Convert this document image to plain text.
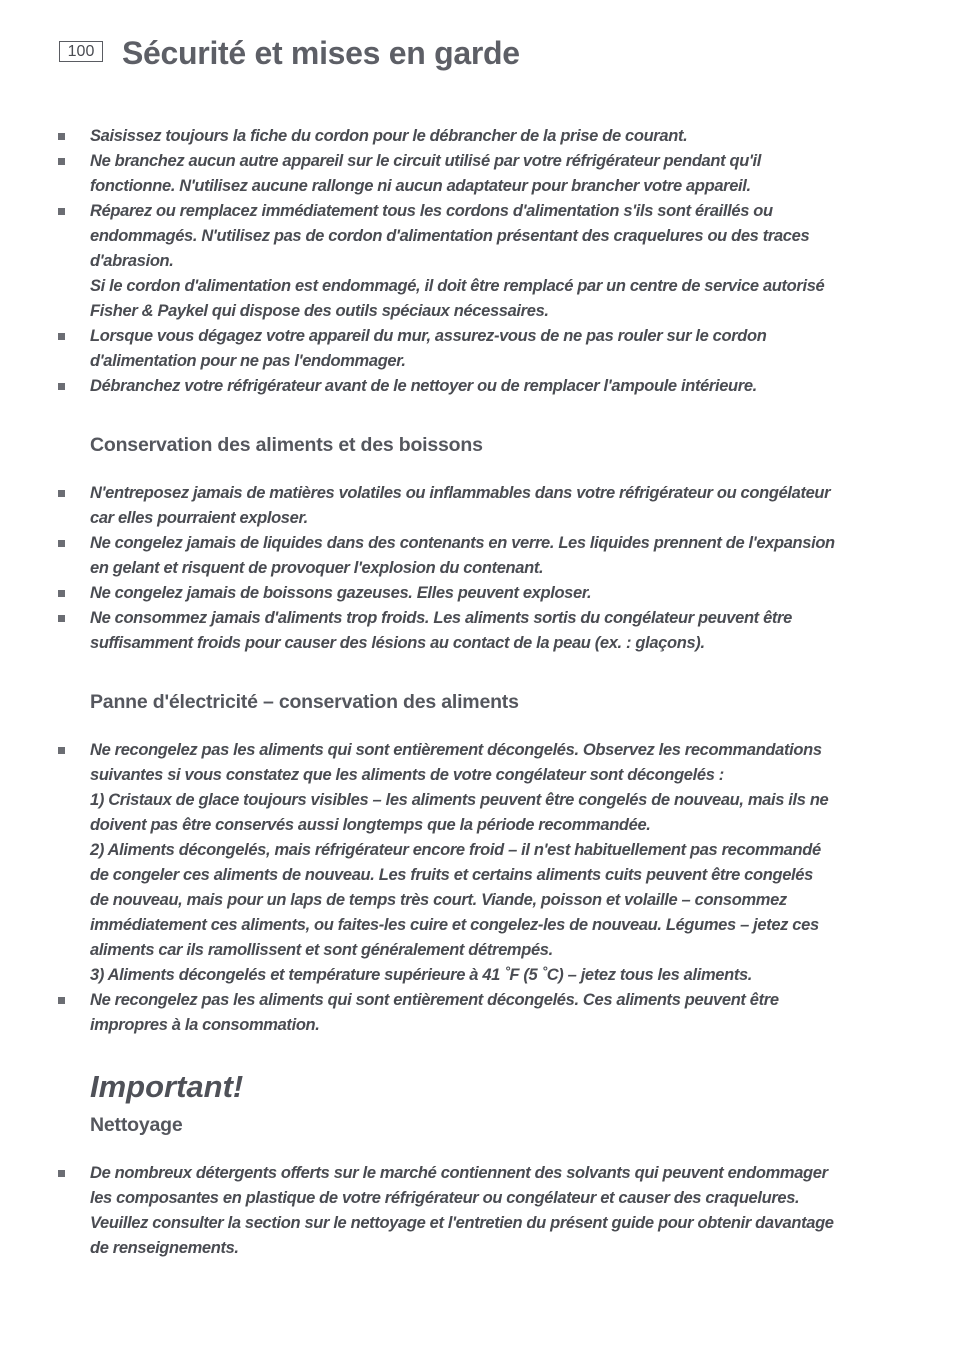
100 Sécurité et mises en garde
Saisissez toujours la fiche du cordon pour le débrancher de la prise de courant.
Ne branchez aucun autre appareil sur le circuit utilisé par votre réfrigérateur pendant qu'il
fonctionne. N'utilisez aucune rallonge ni aucun adaptateur pour brancher votre appareil.
Réparez ou remplacez immédiatement tous les cordons d'alimentation s'ils sont éraillés ou
endommagés. N'utilisez pas de cordon d'alimentation présentant des craquelures ou des traces
d'abrasion.
Si le cordon d'alimentation est endommagé, il doit être remplacé par un centre de service autorisé
Fisher & Paykel qui dispose des outils spéciaux nécessaires.
Lorsque vous dégagez votre appareil du mur, assurez-vous de ne pas rouler sur le cordon
d'alimentation pour ne pas l'endommager.
Débranchez votre réfrigérateur avant de le nettoyer ou de remplacer l'ampoule intérieure.
Conservation des aliments et des boissons
N'entreposez jamais de matières volatiles ou inflammables dans votre réfrigérateur ou congélateur
car elles pourraient exploser.
Ne congelez jamais de liquides dans des contenants en verre. Les liquides prennent de l'expansion
en gelant et risquent de provoquer l'explosion du contenant.
Ne congelez jamais de boissons gazeuses. Elles peuvent exploser.
Ne consommez jamais d'aliments trop froids. Les aliments sortis du congélateur peuvent être
suffisamment froids pour causer des lésions au contact de la peau (ex. : glaçons).
Panne d'électricité – conservation des aliments
Ne recongelez pas les aliments qui sont entièrement décongelés. Observez les recommandations
suivantes si vous constatez que les aliments de votre congélateur sont décongelés :
1) Cristaux de glace toujours visibles – les aliments peuvent être congelés de nouveau, mais ils ne
doivent pas être conservés aussi longtemps que la période recommandée.
2) Aliments décongelés, mais réfrigérateur encore froid – il n'est habituellement pas recommandé
de congeler ces aliments de nouveau. Les fruits et certains aliments cuits peuvent être congelés
de nouveau, mais pour un laps de temps très court. Viande, poisson et volaille – consommez
immédiatement ces aliments, ou faites-les cuire et congelez-les de nouveau. Légumes – jetez ces
aliments car ils ramollissent et sont généralement détrempés.
3) Aliments décongelés et température supérieure à 41 ˚F (5 ˚C) – jetez tous les aliments.
Ne recongelez pas les aliments qui sont entièrement décongelés. Ces aliments peuvent être
impropres à la consommation.
Important!
Nettoyage
De nombreux détergents offerts sur le marché contiennent des solvants qui peuvent endommager
les composantes en plastique de votre réfrigérateur ou congélateur et causer des craquelures.
Veuillez consulter la section sur le nettoyage et l'entretien du présent guide pour obtenir davantage
de renseignements.
